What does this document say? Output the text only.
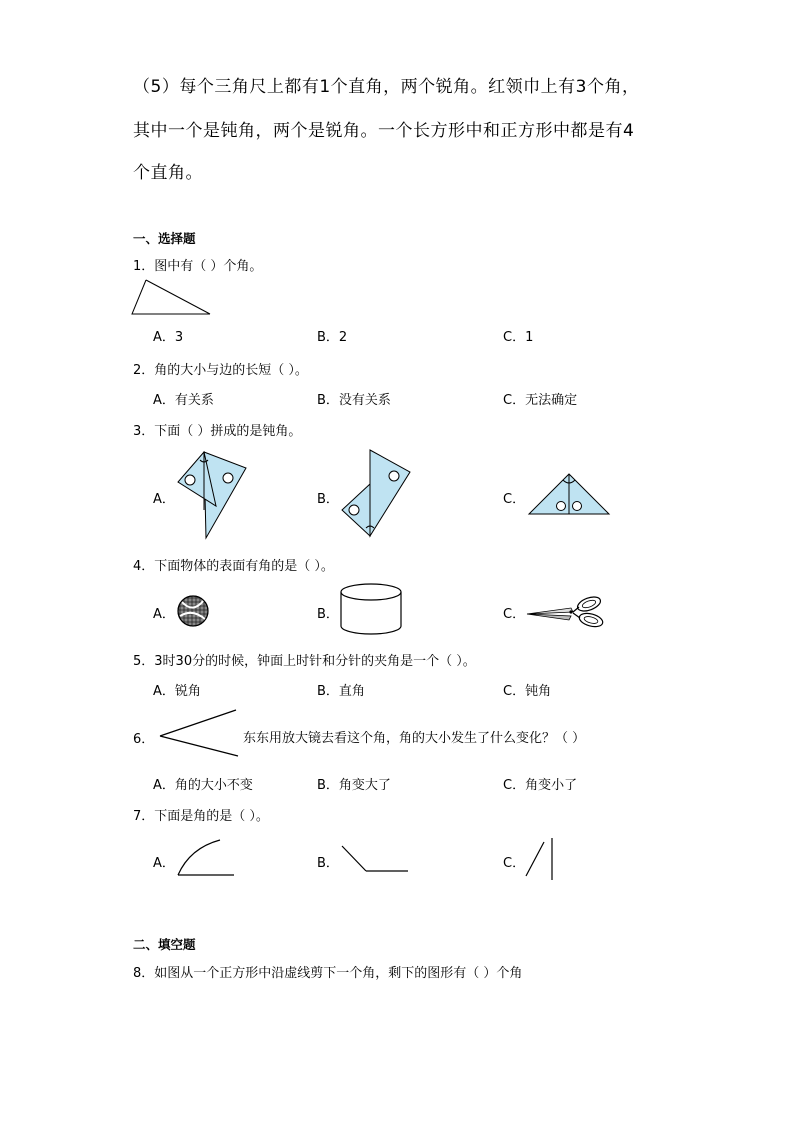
（5）每个三角尺上都有1个直角，两个锐角。红领巾上有3个角，
其中一个是钝角，两个是锐角。一个长方形中和正方形中都是有4
个直角。
一、选择题
1．图中有（ ）个角。
A．3	B．2	C．1
2．角的大小与边的长短（ ）。
A．有关系	B．没有关系	C．无法确定
3．下面（ ）拼成的是钝角。
A．	B．	C．
4．下面物体的表面有角的是（ ）。
A．	B．	C．
5．3时30分的时候，钟面上时针和分针的夹角是一个（ ）。
A．锐角	B．直角	C．钝角
6．	东东用放大镜去看这个角，角的大小发生了什么变化？（ ）
A．角的大小不变	B．角变大了	C．角变小了
7．下面是角的是（ ）。
A．	B．	C．
二、填空题
8．如图从一个正方形中沿虚线剪下一个角，剩下的图形有（ ）个角
